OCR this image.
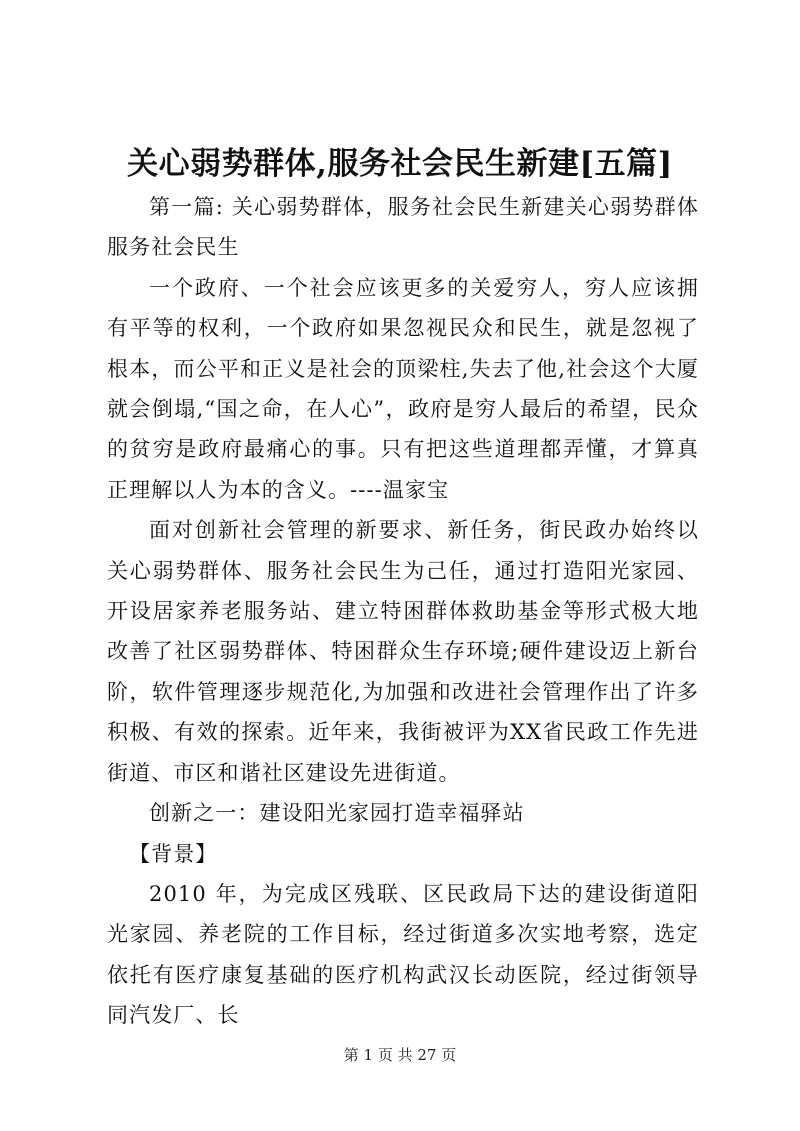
关心弱势群体,服务社会民生新建[五篇]

第一篇: 关心弱势群体，服务社会民生新建关心弱势群体服务社会民生

一个政府、一个社会应该更多的关爱穷人，穷人应该拥有平等的权利，一个政府如果忽视民众和民生，就是忽视了根本，而公平和正义是社会的顶梁柱,失去了他,社会这个大厦就会倒塌,“国之命，在人心”，政府是穷人最后的希望，民众的贫穷是政府最痛心的事。只有把这些道理都弄懂，才算真正理解以人为本的含义。----温家宝

面对创新社会管理的新要求、新任务，街民政办始终以关心弱势群体、服务社会民生为己任，通过打造阳光家园、开设居家养老服务站、建立特困群体救助基金等形式极大地改善了社区弱势群体、特困群众生存环境;硬件建设迈上新台阶，软件管理逐步规范化,为加强和改进社会管理作出了许多积极、有效的探索。近年来，我街被评为XX省民政工作先进街道、市区和谐社区建设先进街道。

创新之一：建设阳光家园打造幸福驿站

【背景】

2010 年，为完成区残联、区民政局下达的建设街道阳光家园、养老院的工作目标，经过街道多次实地考察，选定依托有医疗康复基础的医疗机构武汉长动医院，经过街领导同汽发厂、长

第 1 页 共 27 页
